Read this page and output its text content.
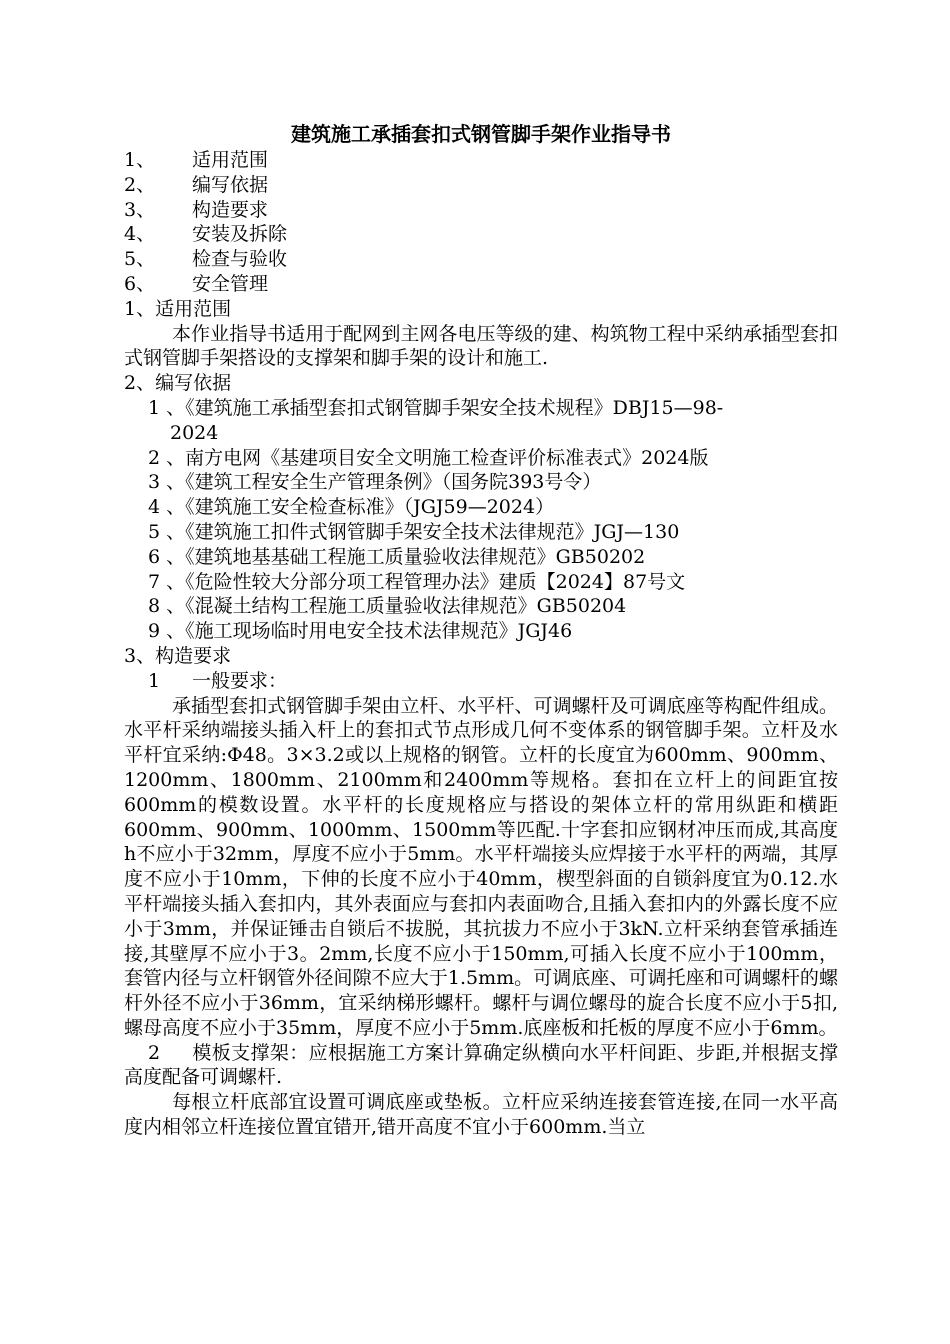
建筑施工承插套扣式钢管脚手架作业指导书
1、	适用范围
2、	编写依据
3、	构造要求
4、	安装及拆除
5、	检查与验收
6、	安全管理
1、适用范围
本作业指导书适用于配网到主网各电压等级的建、构筑物工程中采纳承插型套扣式钢管脚手架搭设的支撑架和脚手架的设计和施工.
2、编写依据
1 、《建筑施工承插型套扣式钢管脚手架安全技术规程》DBJ15—98-
2024
2 、南方电网《基建项目安全文明施工检查评价标准表式》2024版
3 、《建筑工程安全生产管理条例》（国务院393号令）
4 、《建筑施工安全检查标准》（JGJ59—2024）
5 、《建筑施工扣件式钢管脚手架安全技术法律规范》JGJ—130
6 、《建筑地基基础工程施工质量验收法律规范》GB50202
7 、《危险性较大分部分项工程管理办法》建质【2024】87号文
8 、《混凝土结构工程施工质量验收法律规范》GB50204
9 、《施工现场临时用电安全技术法律规范》JGJ46
3、构造要求
1 一般要求：
承插型套扣式钢管脚手架由立杆、水平杆、可调螺杆及可调底座等构配件组成。水平杆采纳端接头插入杆上的套扣式节点形成几何不变体系的钢管脚手架。立杆及水平杆宜采纳:Φ48。3×3.2或以上规格的钢管。立杆的长度宜为600mm、900mm、1200mm、1800mm、2100mm和2400mm等规格。套扣在立杆上的间距宜按600mm的模数设置。水平杆的长度规格应与搭设的架体立杆的常用纵距和横距600mm、900mm、1000mm、1500mm等匹配.十字套扣应钢材冲压而成,其高度h不应小于32mm，厚度不应小于5mm。水平杆端接头应焊接于水平杆的两端，其厚度不应小于10mm，下伸的长度不应小于40mm，楔型斜面的自锁斜度宜为0.12.水平杆端接头插入套扣内，其外表面应与套扣内表面吻合,且插入套扣内的外露长度不应小于3mm，并保证锤击自锁后不拔脱，其抗拔力不应小于3kN.立杆采纳套管承插连接,其壁厚不应小于3。2mm,长度不应小于150mm,可插入长度不应小于100mm，套管内径与立杆钢管外径间隙不应大于1.5mm。可调底座、可调托座和可调螺杆的螺杆外径不应小于36mm，宜采纳梯形螺杆。螺杆与调位螺母的旋合长度不应小于5扣,螺母高度不应小于35mm，厚度不应小于5mm.底座板和托板的厚度不应小于6mm。
2 模板支撑架：应根据施工方案计算确定纵横向水平杆间距、步距,并根据支撑高度配备可调螺杆.
每根立杆底部宜设置可调底座或垫板。立杆应采纳连接套管连接,在同一水平高度内相邻立杆连接位置宜错开,错开高度不宜小于600mm.当立
